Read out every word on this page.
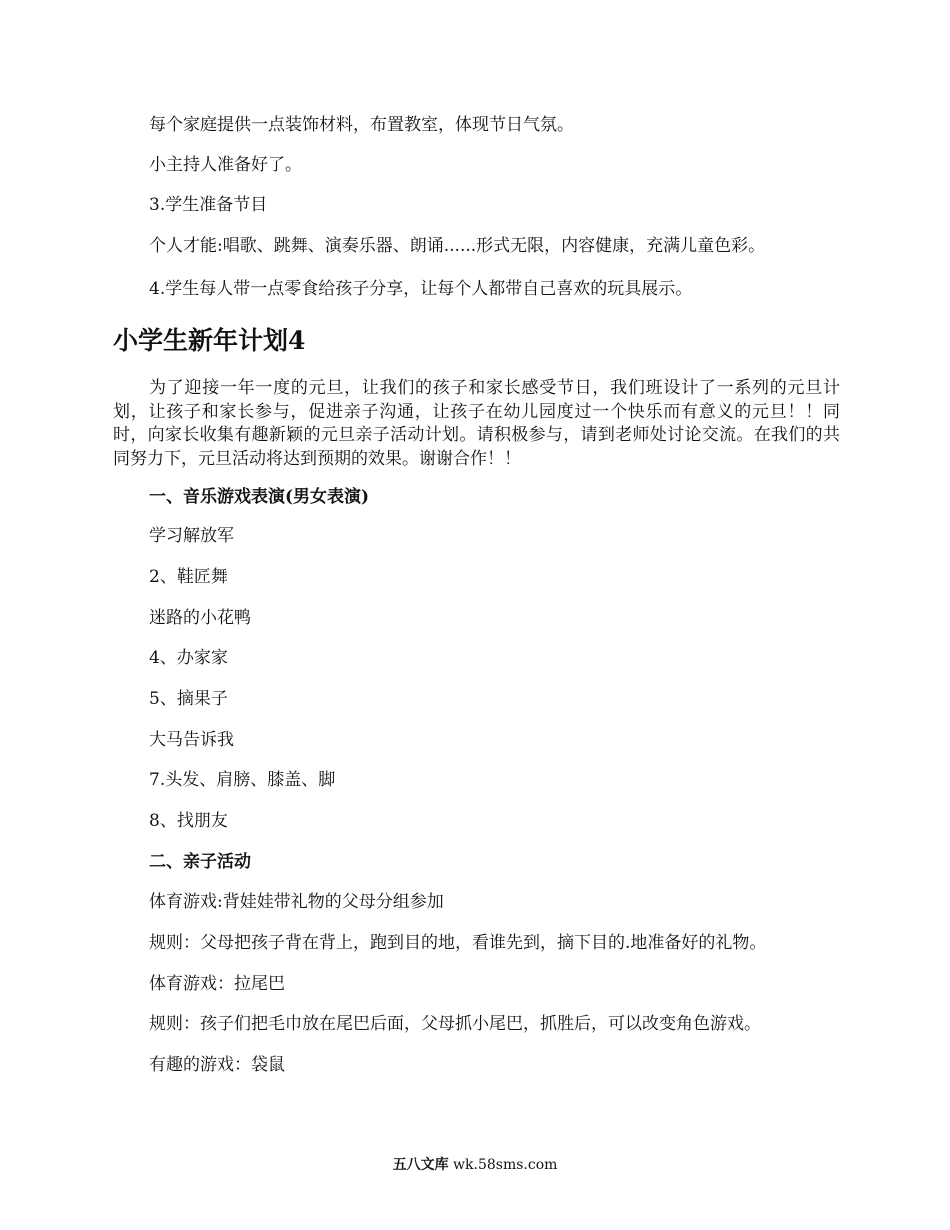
每个家庭提供一点装饰材料，布置教室，体现节日气氛。
小主持人准备好了。
3.学生准备节目
个人才能:唱歌、跳舞、演奏乐器、朗诵......形式无限，内容健康，充满儿童色彩。
4.学生每人带一点零食给孩子分享，让每个人都带自己喜欢的玩具展示。
小学生新年计划4
为了迎接一年一度的元旦，让我们的孩子和家长感受节日，我们班设计了一系列的元旦计划，让孩子和家长参与，促进亲子沟通，让孩子在幼儿园度过一个快乐而有意义的元旦！！同时，向家长收集有趣新颖的元旦亲子活动计划。请积极参与，请到老师处讨论交流。在我们的共同努力下，元旦活动将达到预期的效果。谢谢合作！！
一、音乐游戏表演(男女表演)
学习解放军
2、鞋匠舞
迷路的小花鸭
4、办家家
5、摘果子
大马告诉我
7.头发、肩膀、膝盖、脚
8、找朋友
二、亲子活动
体育游戏:背娃娃带礼物的父母分组参加
规则：父母把孩子背在背上，跑到目的地，看谁先到，摘下目的.地准备好的礼物。
体育游戏：拉尾巴
规则：孩子们把毛巾放在尾巴后面，父母抓小尾巴，抓胜后，可以改变角色游戏。
有趣的游戏：袋鼠
五八文库 wk.58sms.com
